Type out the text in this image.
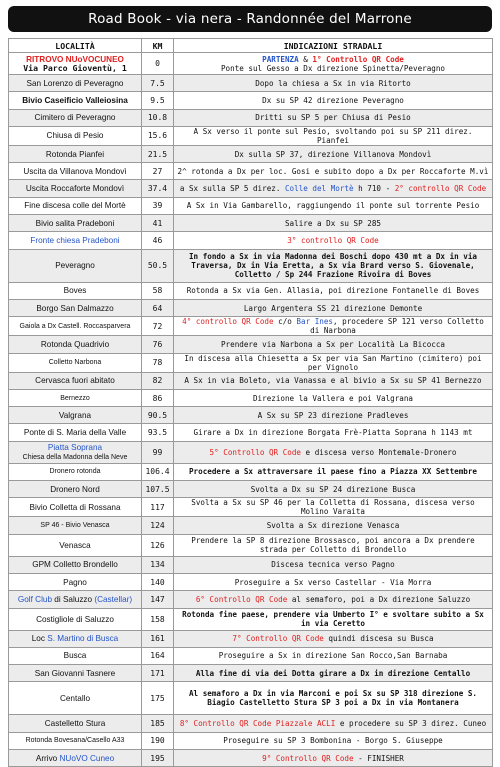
Road Book - via nera - Randonnée del Marrone
LOCALITÀ	KM	INDICAZIONI STRADALI
RITROVO NUoVOCUNEO
Via Parco Gioventù, 1	0	PARTENZA & 1° Controllo QR Code
Ponte sul Gesso a Dx direzione Spinetta/Peveragno
San Lorenzo di Peveragno	7.5	Dopo la chiesa a Sx in via Ritorto
Bivio Caseificio Valleiosina	9.5	Dx su SP 42 direzione Peveragno
Cimitero di Peveragno	10.8	Dritti su SP 5 per Chiusa di Pesio
Chiusa di Pesio	15.6	A Sx verso il ponte sul Pesio, svoltando poi su SP 211 direz. Pianfei
Rotonda Pianfei	21.5	Dx sulla SP 37, direzione Villanova Mondovì
Uscita da Villanova Mondovì	27	2^ rotonda a Dx per loc. Gosi e subito dopo a Dx per Roccaforte M.vì
Uscita Roccaforte Mondovì	37.4	a Sx sulla SP 5 direz. Colle del Mortè h 710 - 2° controllo QR Code
Fine discesa colle del Mortè	39	A Sx in Via Gambarello, raggiungendo il ponte sul torrente Pesio
Bivio salita Pradeboni	41	Salire a Dx su SP 285
Fronte chiesa Pradeboni	46	3° controllo QR Code
Peveragno	50.5	In fondo a Sx in via Madonna dei Boschi dopo 430 mt a Dx in via Traversa, Dx in Via Eretta, a Sx via Brard verso S. Giovenale, Colletto / Sp 244 Frazione Rivoira di Boves
Boves	58	Rotonda a Sx via Gen. Allasia, poi direzione Fontanelle di Boves
Borgo San Dalmazzo	64	Largo Argentera SS 21 direzione Demonte
Gaiola a Dx Castell. Roccasparvera	72	4° controllo QR Code c/o Bar Ines, procedere SP 121 verso Colletto di Narbona
Rotonda Quadrivio	76	Prendere via Narbona a Sx per Località La Bicocca
Colletto Narbona	78	In discesa alla Chiesetta a Sx per via San Martino (cimitero) poi per Vignolo
Cervasca fuori abitato	82	A Sx in via Boleto, via Vanassa e al bivio a Sx su SP 41 Bernezzo
Bernezzo	86	Direzione la Vallera e poi Valgrana
Valgrana	90.5	A Sx su SP 23 direzione Pradleves
Ponte di S. Maria della Valle	93.5	Girare a Dx in direzione Borgata Frè-Piatta Soprana h 1143 mt
Piatta Soprana
Chiesa della Madonna della Neve	99	5° Controllo QR Code e discesa verso Montemale-Dronero
Dronero rotonda	106.4	Procedere a Sx attraversare il paese fino a Piazza XX Settembre
Dronero Nord	107.5	Svolta a Dx su SP 24 direzione Busca
Bivio Colletta di Rossana	117	Svolta a Sx su SP 46 per la Colletta di Rossana, discesa verso Molino Varaita
SP 46 - Bivio Venasca	124	Svolta a Sx direzione Venasca
Venasca	126	Prendere la SP 8 direzione Brossasco, poi ancora a Dx prendere strada per Colletto di Brondello
GPM Colletto Brondello	134	Discesa tecnica verso Pagno
Pagno	140	Proseguire a Sx verso Castellar - Via Morra
Golf Club di Saluzzo (Castellar)	147	6° Controllo QR Code al semaforo, poi a Dx direzione Saluzzo
Costigliole di Saluzzo	158	Rotonda fine paese, prendere via Umberto I° e svoltare subito a Sx in via Ceretto
Loc S. Martino di Busca	161	7° Controllo QR Code quindi discesa su Busca
Busca	164	Proseguire a Sx in direzione San Rocco,San Barnaba
San Giovanni Tasnere	171	Alla fine di via dei Dotta girare a Dx in direzione Centallo
Centallo	175	Al semaforo a Dx in via Marconi e poi Sx su SP 318 direzione S. Biagio Castelletto Stura SP 3 poi a Dx in via Montanera
Castelletto Stura	185	8° Controllo QR Code Piazzale ACLI e procedere su SP 3 direz. Cuneo
Rotonda Bovesana/Casello A33	190	Proseguire su SP 3 Bombonina - Borgo S. Giuseppe
Arrivo NUoVO Cuneo	195	9° Controllo QR Code - FINISHER
